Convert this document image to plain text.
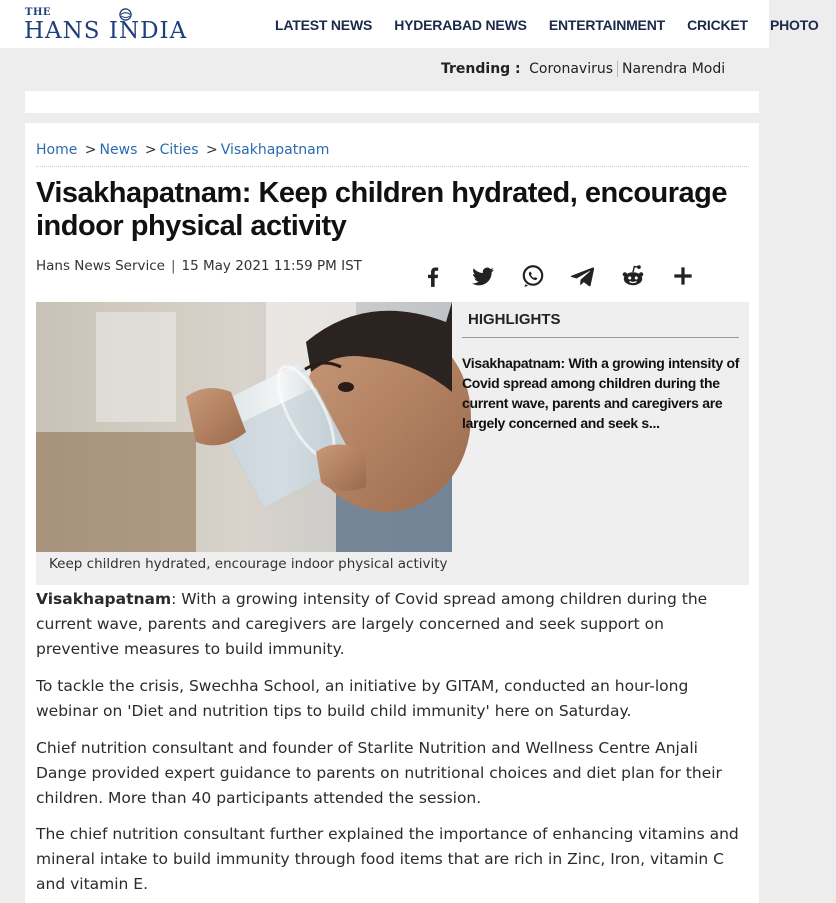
THE
HANS INDIA	LATEST NEWS HYDERABAD NEWS ENTERTAINMENT CRICKET PHOTO
Trending : Coronavirus Narendra Modi
Home > News > Cities > Visakhapatnam
Visakhapatnam: Keep children hydrated, encourage indoor physical activity
Hans News Service | 15 May 2021 11:59 PM IST

Keep children hydrated, encourage indoor physical activity
HIGHLIGHTS

Visakhapatnam: With a growing intensity of Covid spread among children during the current wave, parents and caregivers are largely concerned and seek s...

Visakhapatnam: With a growing intensity of Covid spread among children during the current wave, parents and caregivers are largely concerned and seek support on preventive measures to build immunity.

To tackle the crisis, Swechha School, an initiative by GITAM, conducted an hour-long webinar on 'Diet and nutrition tips to build child immunity' here on Saturday.

Chief nutrition consultant and founder of Starlite Nutrition and Wellness Centre Anjali Dange provided expert guidance to parents on nutritional choices and diet plan for their children. More than 40 participants attended the session.

The chief nutrition consultant further explained the importance of enhancing vitamins and mineral intake to build immunity through food items that are rich in Zinc, Iron, vitamin C and vitamin E.
